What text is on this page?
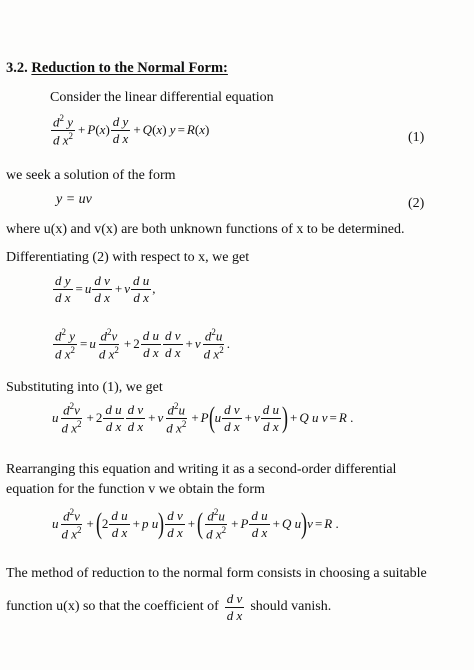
3.2. Reduction to the Normal Form:
Consider the linear differential equation
$\frac{d^2 y}{d x^2} + P$ ( x ) $\frac{\text{d y}}{\text{d x}} + Q$ ( x ) y = R ( x )
(1)
we seek a solution of the form
y = uv	(2)
where u(x) and v(x) are both unknown functions of x to be determined.
Differentiating (2) with respect to x, we get
$\frac{\text{d y}}{\text{d x}} = u \frac{\text{d v}}{\text{d x}} + v \frac{\text{d u}}{\text{d x}}$ ,
$\frac{d^2 y}{d x^2} = u \frac{d^2v}{d x^2} + 2 \frac{\text{d u}}{\text{d x}} \frac{\text{d v}}{\text{d x}} + v \frac{d^2u}{d x^2}$ .
Substituting into (1), we get
u $\frac{d^2v}{d x^2} + 2 \frac{\text{d u}}{\text{d x}} \frac{\text{d v}}{\text{d x}} + v \frac{d^2u}{d x^2} + P$ ( u $\frac{\text{d v}}{\text{d x}} + v \frac{\text{d u}}{\text{d x}}$ ) + Q u v = R .
Rearranging this equation and writing it as a second-order differential
equation for the function v we obtain the form
u $\frac{d^2v}{d x^2}$ + ( $2 \frac{\text{d u}}{\text{d x}} + p$ u ) $\frac{\text{d v}}{\text{d x}}$ + ( $\frac{d^2u}{d x^2} + P \frac{\text{d u}}{\text{d x}} + Q$ u ) v = R .
The method of reduction to the normal form consists in choosing a suitable
function u(x) so that the coefficient of $\frac{\text{d v}}{\text{d x}}$ should vanish.
